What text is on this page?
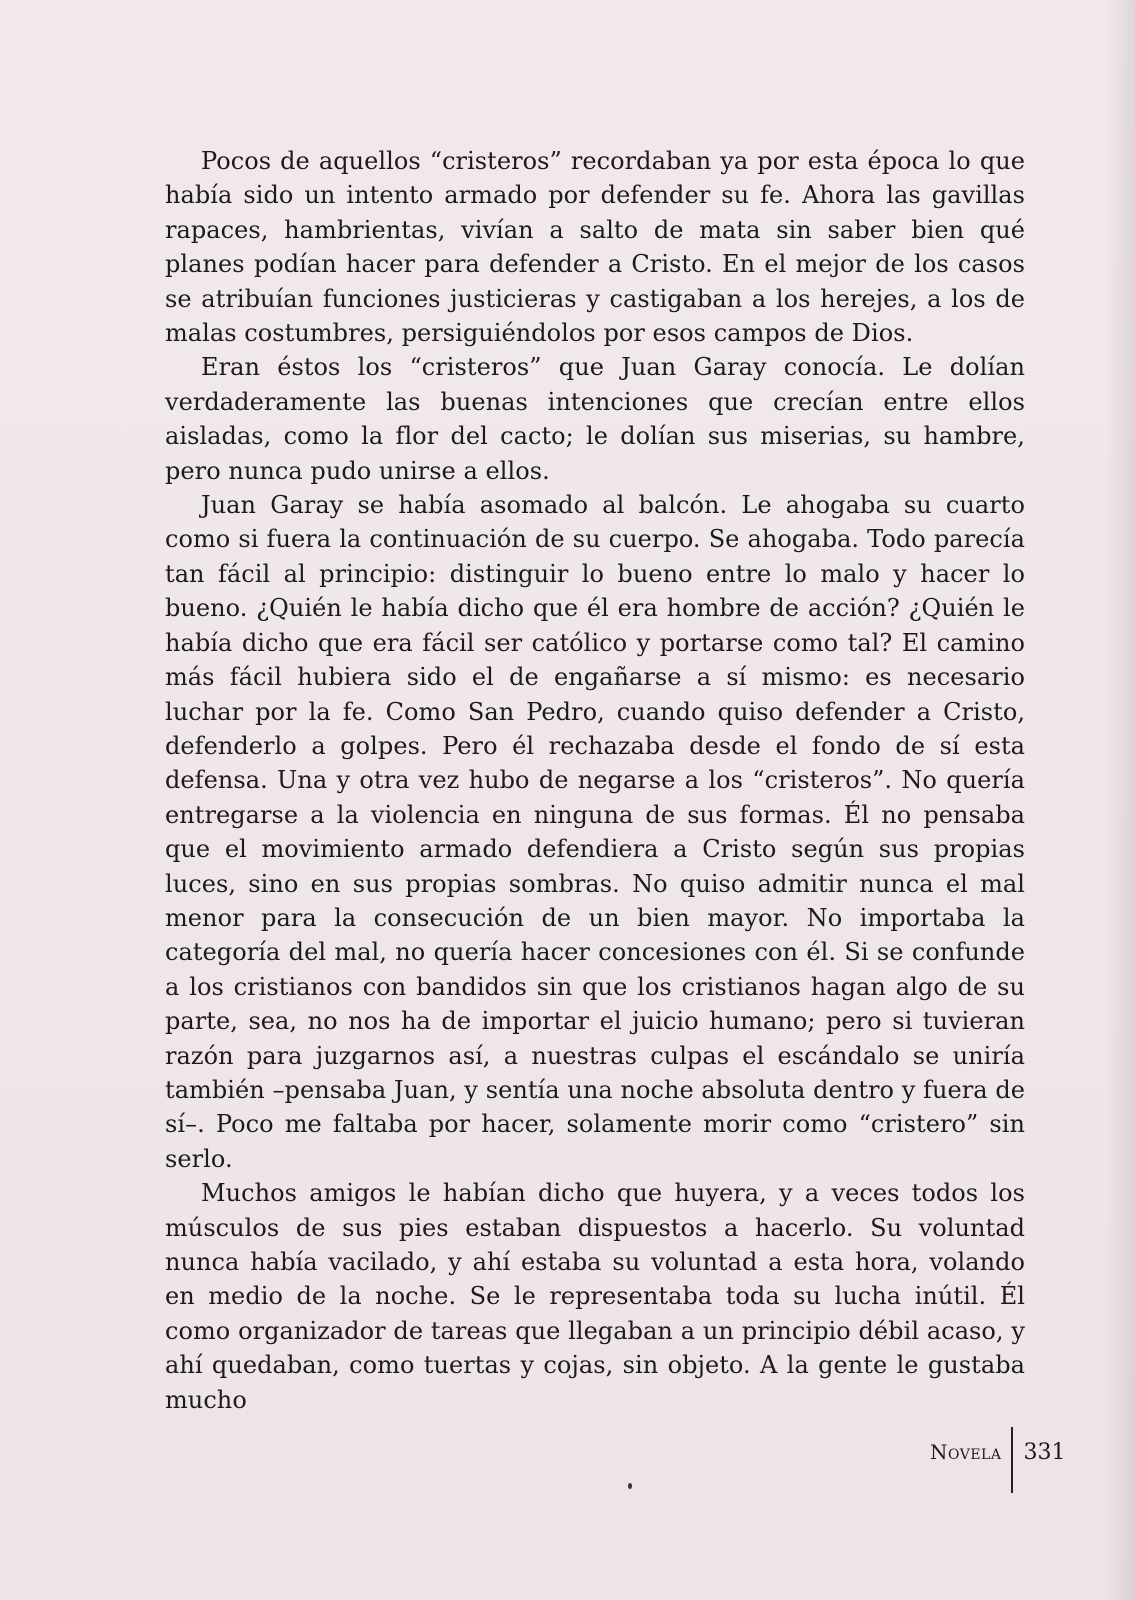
Pocos de aquellos “cristeros” recordaban ya por esta época lo que había sido un intento armado por defender su fe. Ahora las gavillas rapaces, hambrientas, vivían a salto de mata sin saber bien qué planes podían hacer para defender a Cristo. En el mejor de los casos se atribuían funciones justicieras y castigaban a los herejes, a los de malas costumbres, persiguiéndolos por esos campos de Dios.

Eran éstos los “cristeros” que Juan Garay conocía. Le dolían verdaderamente las buenas intenciones que crecían entre ellos aisladas, como la flor del cacto; le dolían sus miserias, su hambre, pero nunca pudo unirse a ellos.

Juan Garay se había asomado al balcón. Le ahogaba su cuarto como si fuera la continuación de su cuerpo. Se ahogaba. Todo parecía tan fácil al principio: distinguir lo bueno entre lo malo y hacer lo bueno. ¿Quién le había dicho que él era hombre de acción? ¿Quién le había dicho que era fácil ser católico y portarse como tal? El camino más fácil hubiera sido el de engañarse a sí mismo: es necesario luchar por la fe. Como San Pedro, cuando quiso defender a Cristo, defenderlo a golpes. Pero él rechazaba desde el fondo de sí esta defensa. Una y otra vez hubo de negarse a los “cristeros”. No quería entregarse a la violencia en ninguna de sus formas. Él no pensaba que el movimiento armado defendiera a Cristo según sus propias luces, sino en sus propias sombras. No quiso admitir nunca el mal menor para la consecución de un bien mayor. No importaba la categoría del mal, no quería hacer concesiones con él. Si se confunde a los cristianos con bandidos sin que los cristianos hagan algo de su parte, sea, no nos ha de importar el juicio humano; pero si tuvieran razón para juzgarnos así, a nuestras culpas el escándalo se uniría también –pensaba Juan, y sentía una noche absoluta dentro y fuera de sí–. Poco me faltaba por hacer, solamente morir como “cristero” sin serlo.

Muchos amigos le habían dicho que huyera, y a veces todos los músculos de sus pies estaban dispuestos a hacerlo. Su voluntad nunca había vacilado, y ahí estaba su voluntad a esta hora, volando en medio de la noche. Se le representaba toda su lucha inútil. Él como organizador de tareas que llegaban a un principio débil acaso, y ahí quedaban, como tuertas y cojas, sin objeto. A la gente le gustaba mucho

Novela 331
